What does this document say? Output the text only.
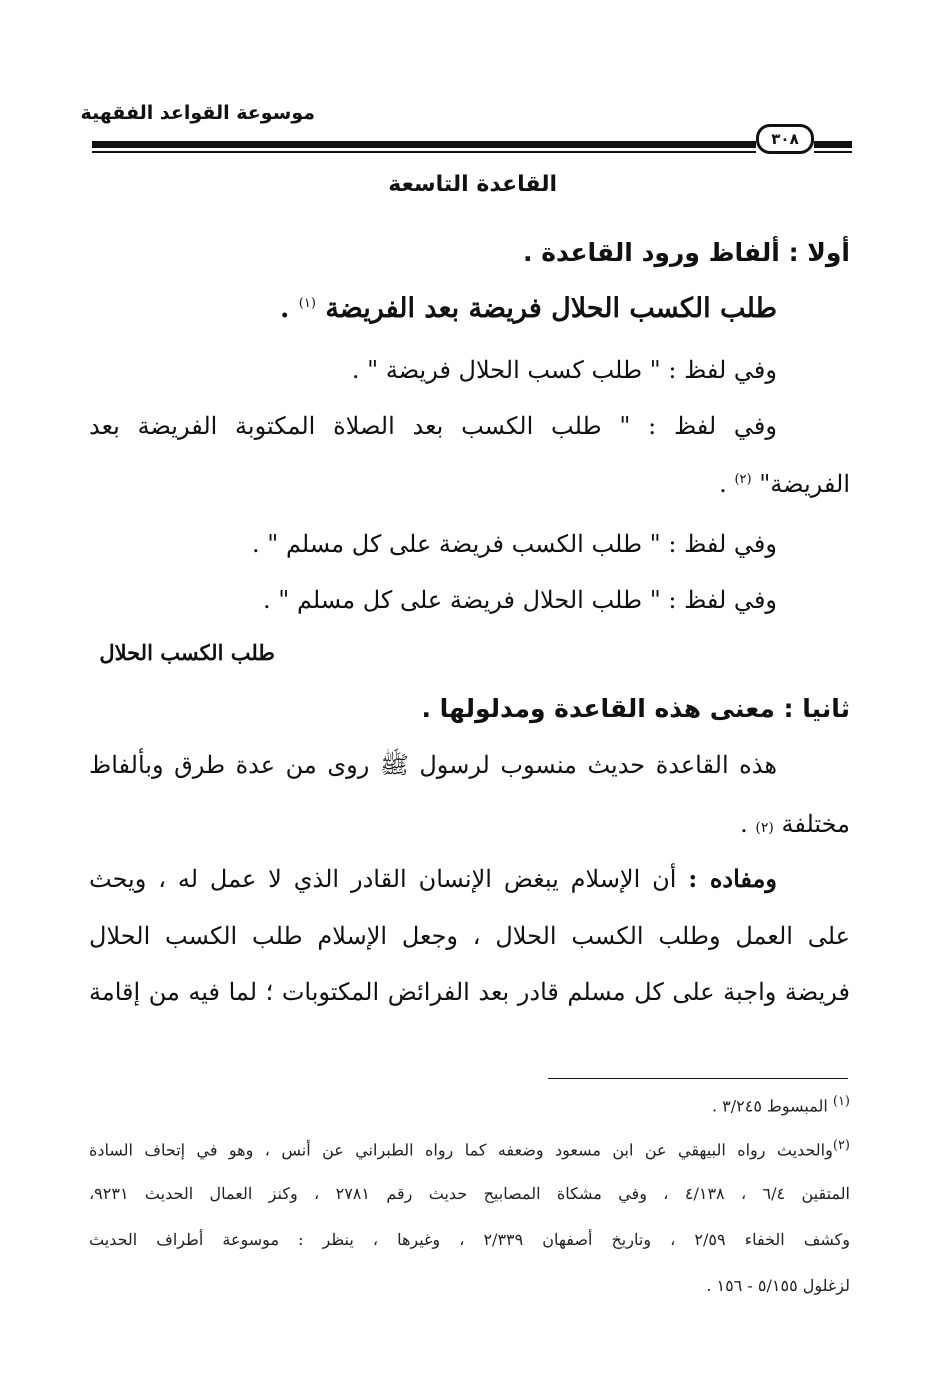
موسوعة القواعد الفقهية
٣٠٨
القاعدة التاسعة
أولا : ألفاظ ورود القاعدة .
طلب الكسب الحلال فريضة بعد الفريضة $^{(١)}$ .
وفي لفظ : " طلب كسب الحلال فريضة " .
وفي لفظ : " طلب الكسب بعد الصلاة المكتوبة الفريضة بعد
الفريضة" $^{(٢)}$ .
وفي لفظ : " طلب الكسب فريضة على كل مسلم " .
وفي لفظ : " طلب الحلال فريضة على كل مسلم " .
طلب الكسب الحلال
ثانيا : معنى هذه القاعدة ومدلولها .
هذه القاعدة حديث منسوب لرسول ﷺ روى من عدة طرق وبألفاظ
مختلفة (٢) .
ومفاده : أن الإسلام يبغض الإنسان القادر الذي لا عمل له ، ويحث
على العمل وطلب الكسب الحلال ، وجعل الإسلام طلب الكسب الحلال
فريضة واجبة على كل مسلم قادر بعد الفرائض المكتوبات ؛ لما فيه من إقامة
$^{(١)}$ المبسوط ٣/٢٤٥ .
$^{(٢)}$والحديث رواه البيهقي عن ابن مسعود وضعفه كما رواه الطبراني عن أنس ، وهو في إتحاف السادة
المتقين ٦/٤ ، ٤/١٣٨ ، وفي مشكاة المصابيح حديث رقم ٢٧٨١ ، وكنز العمال الحديث ٩٢٣١،
وكشف الخفاء ٢/٥٩ ، وتاريخ أصفهان ٢/٣٣٩ ، وغيرها ، ينظر : موسوعة أطراف الحديث
لزغلول ٥/١٥٥ - ١٥٦ .
